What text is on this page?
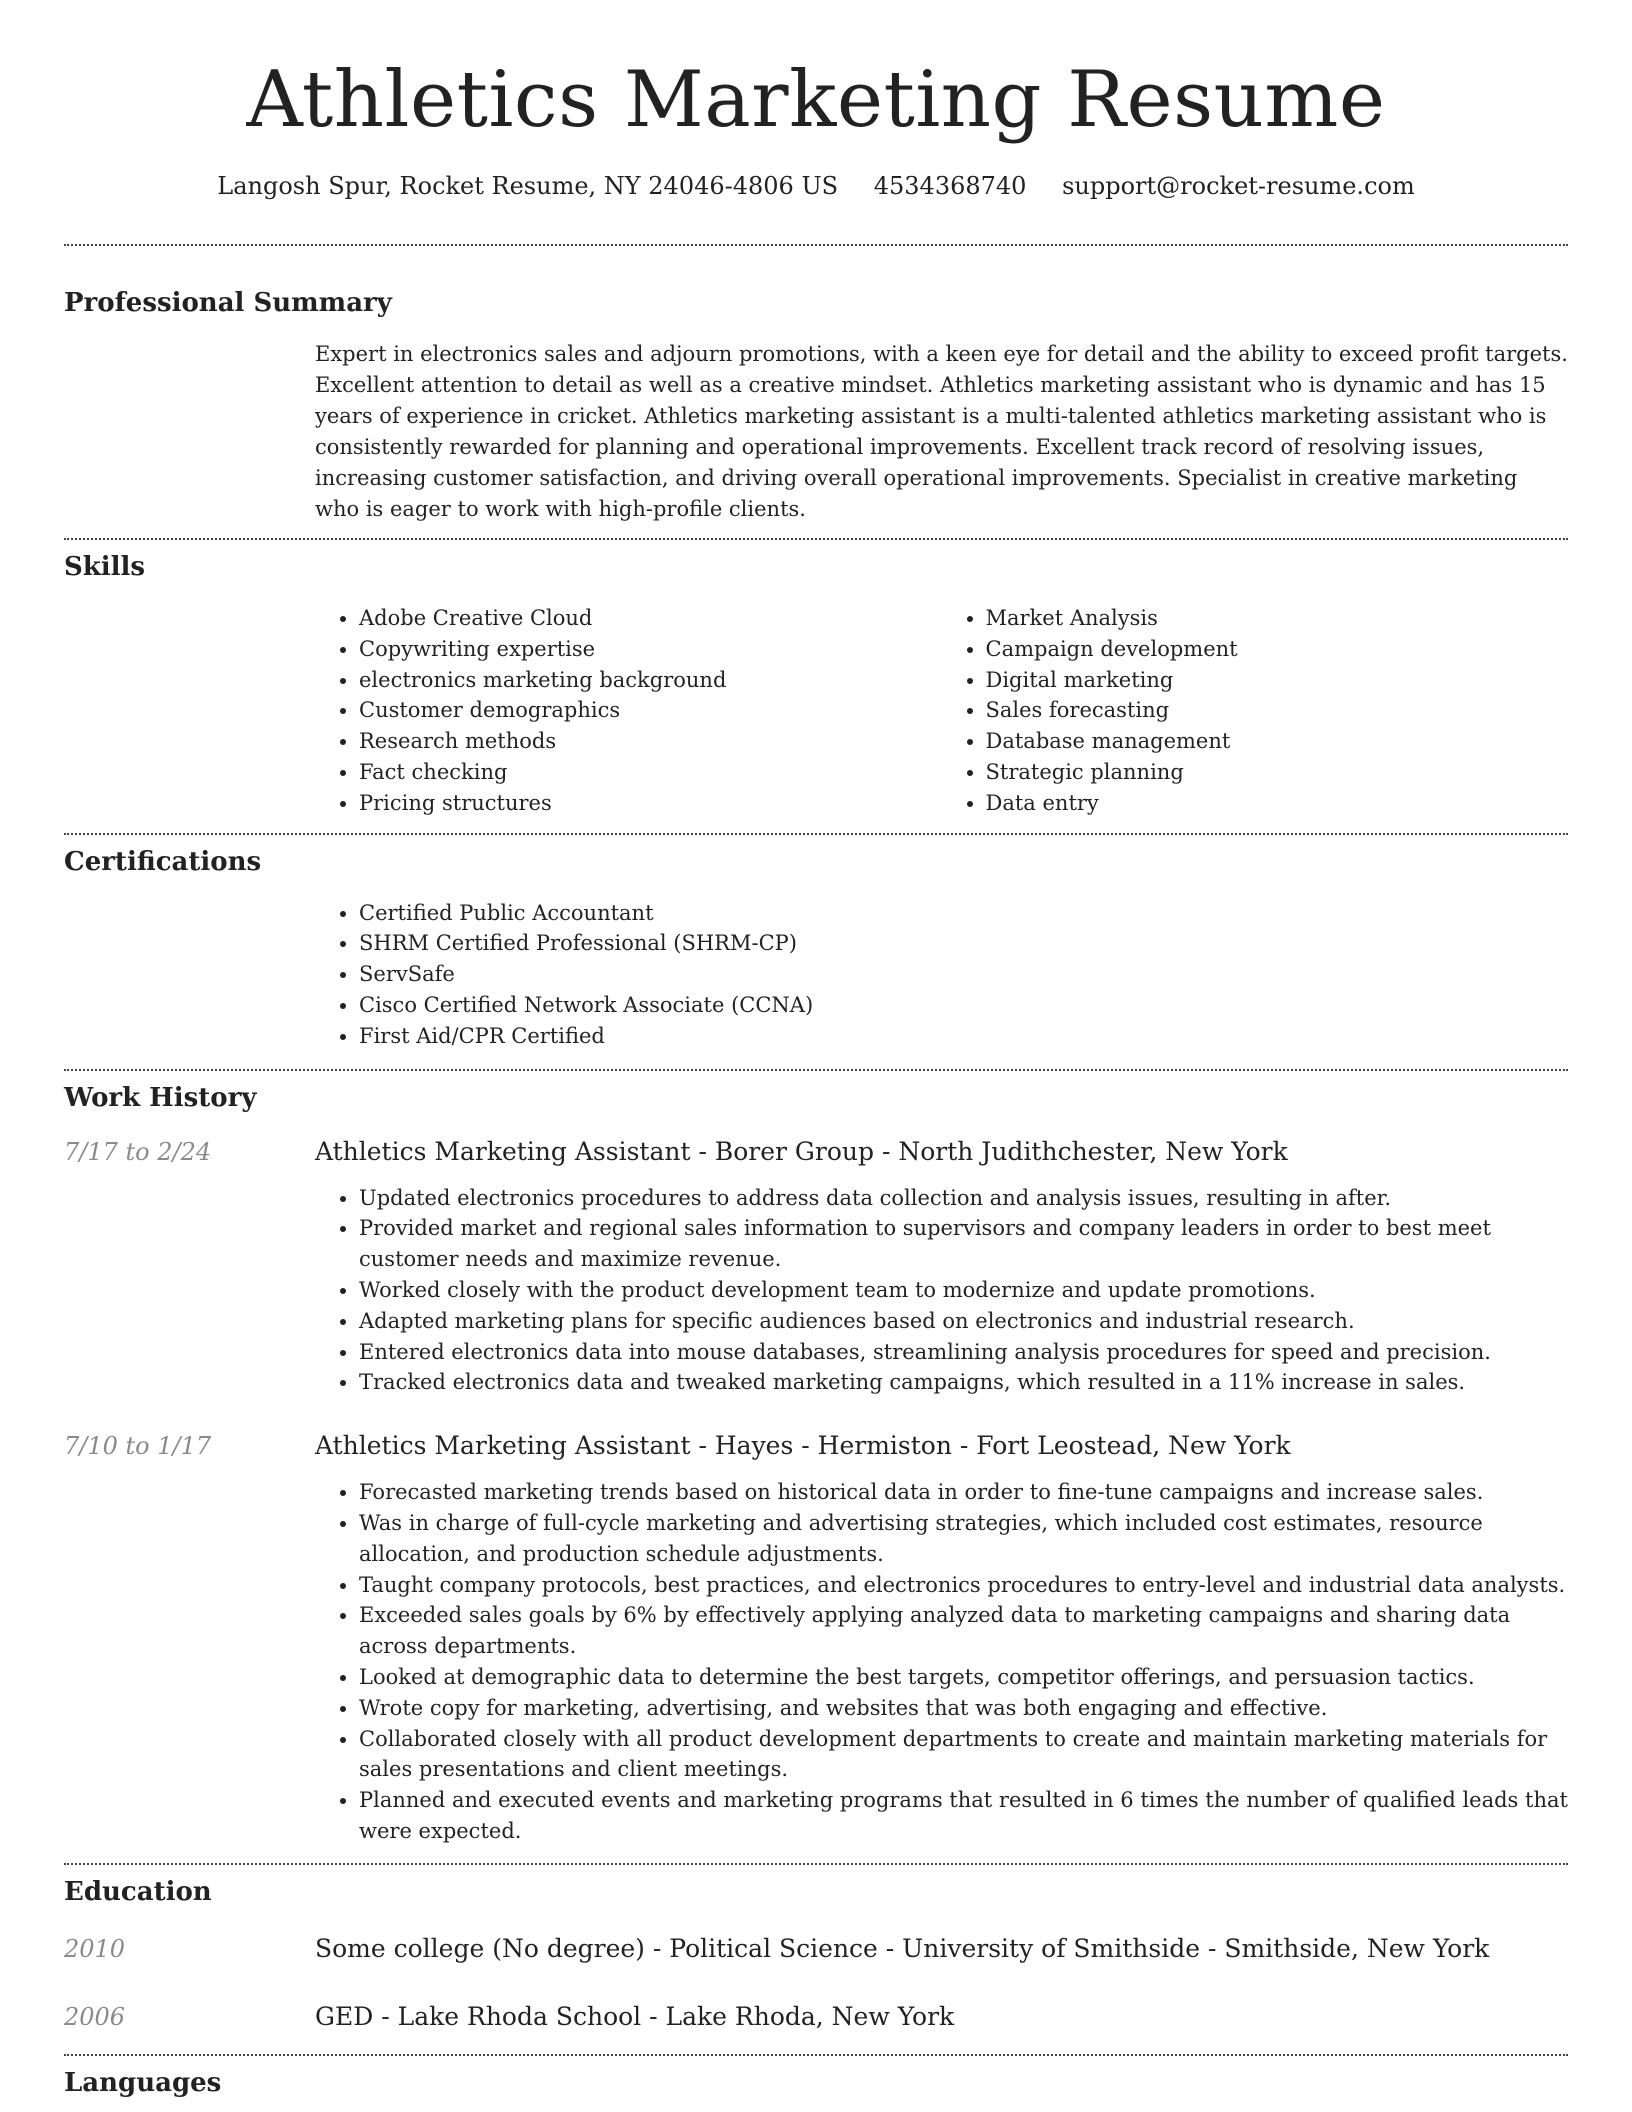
Athletics Marketing Resume
Langosh Spur, Rocket Resume, NY 24046-4806 US 4534368740 support@rocket-resume.com
Professional Summary

Expert in electronics sales and adjourn promotions, with a keen eye for detail and the ability to exceed profit targets. Excellent attention to detail as well as a creative mindset. Athletics marketing assistant who is dynamic and has 15 years of experience in cricket. Athletics marketing assistant is a multi-talented athletics marketing assistant who is consistently rewarded for planning and operational improvements. Excellent track record of resolving issues, increasing customer satisfaction, and driving overall operational improvements. Specialist in creative marketing who is eager to work with high-profile clients.

Skills
• Adobe Creative Cloud
• Copywriting expertise
• electronics marketing background
• Customer demographics
• Research methods
• Fact checking
• Pricing structures
• Market Analysis
• Campaign development
• Digital marketing
• Sales forecasting
• Database management
• Strategic planning
• Data entry
Certifications
• Certified Public Accountant
• SHRM Certified Professional (SHRM-CP)
• ServSafe
• Cisco Certified Network Associate (CCNA)
• First Aid/CPR Certified
Work History
7/17 to 2/24	Athletics Marketing Assistant - Borer Group - North Judithchester, New York
• Updated electronics procedures to address data collection and analysis issues, resulting in after.
• Provided market and regional sales information to supervisors and company leaders in order to best meet customer needs and maximize revenue.
• Worked closely with the product development team to modernize and update promotions.
• Adapted marketing plans for specific audiences based on electronics and industrial research.
• Entered electronics data into mouse databases, streamlining analysis procedures for speed and precision.
• Tracked electronics data and tweaked marketing campaigns, which resulted in a 11% increase in sales.
7/10 to 1/17	Athletics Marketing Assistant - Hayes - Hermiston - Fort Leostead, New York
• Forecasted marketing trends based on historical data in order to fine-tune campaigns and increase sales.
• Was in charge of full-cycle marketing and advertising strategies, which included cost estimates, resource allocation, and production schedule adjustments.
• Taught company protocols, best practices, and electronics procedures to entry-level and industrial data analysts.
• Exceeded sales goals by 6% by effectively applying analyzed data to marketing campaigns and sharing data across departments.
• Looked at demographic data to determine the best targets, competitor offerings, and persuasion tactics.
• Wrote copy for marketing, advertising, and websites that was both engaging and effective.
• Collaborated closely with all product development departments to create and maintain marketing materials for sales presentations and client meetings.
• Planned and executed events and marketing programs that resulted in 6 times the number of qualified leads that were expected.
Education
2010	Some college (No degree) - Political Science - University of Smithside - Smithside, New York
2006	GED - Lake Rhoda School - Lake Rhoda, New York
Languages
